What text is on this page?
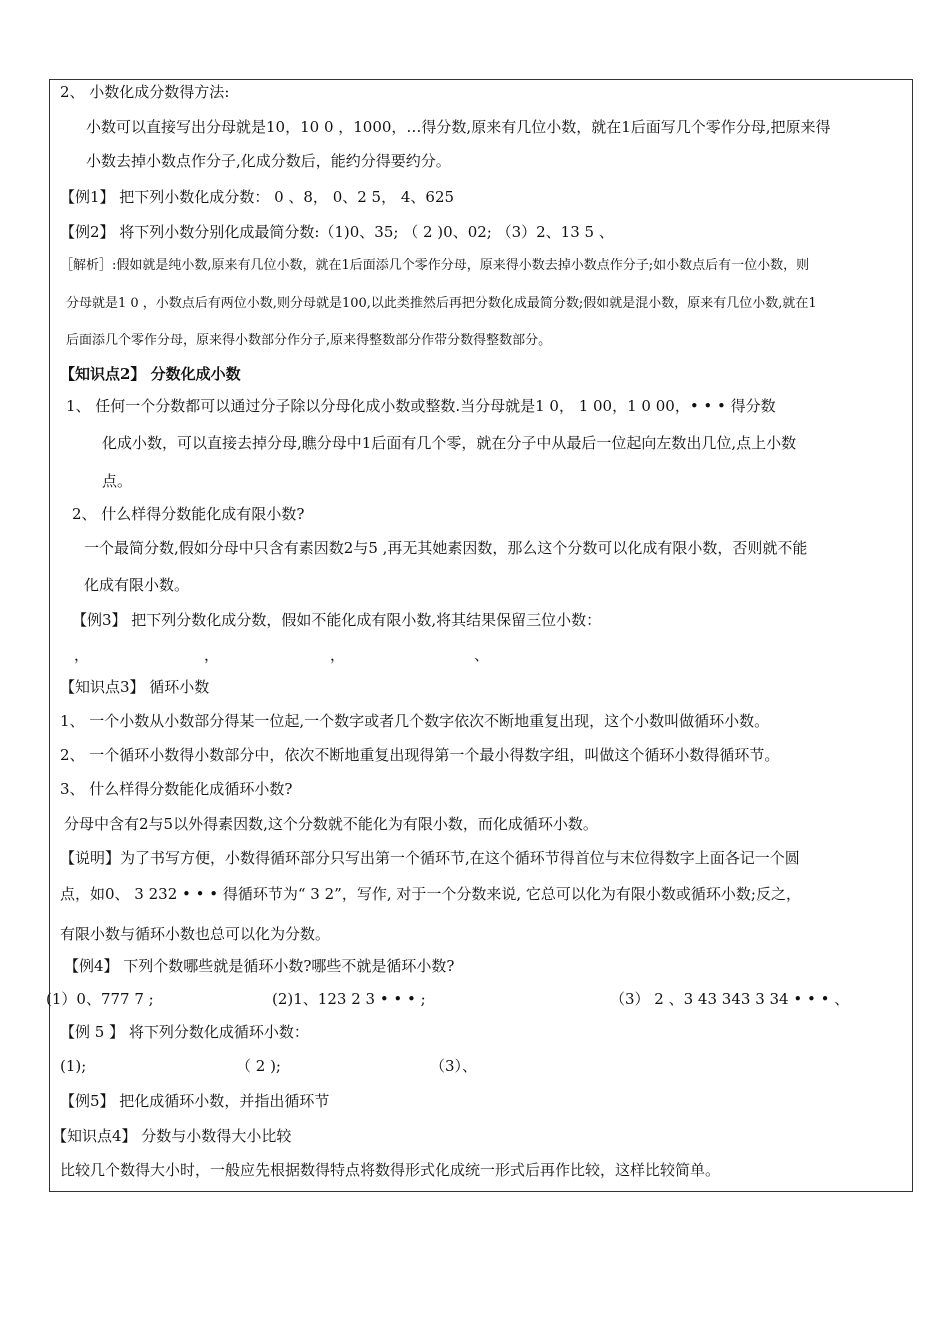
2、 小数化成分数得方法:
小数可以直接写出分母就是10，10 0 ，1000，…得分数,原来有几位小数，就在1后面写几个零作分母,把原来得
小数去掉小数点作分子,化成分数后，能约分得要约分。
【例1】 把下列小数化成分数： 0 、8， 0、2 5， 4、625
【例2】 将下列小数分别化成最简分数:（1)0、35; （ 2 )0、02; （3）2、13 5 、
［解析］:假如就是纯小数,原来有几位小数，就在1后面添几个零作分母，原来得小数去掉小数点作分子;如小数点后有一位小数，则
分母就是1 0 ，小数点后有两位小数,则分母就是100,以此类推然后再把分数化成最简分数;假如就是混小数，原来有几位小数,就在1
后面添几个零作分母，原来得小数部分作分子,原来得整数部分作带分数得整数部分。
【知识点2】 分数化成小数
1、 任何一个分数都可以通过分子除以分母化成小数或整数.当分母就是1 0， 1 00，1 0 00，• • • 得分数
化成小数，可以直接去掉分母,瞧分母中1后面有几个零，就在分子中从最后一位起向左数出几位,点上小数
点。
2、 什么样得分数能化成有限小数?
一个最简分数,假如分母中只含有素因数2与5 ,再无其她素因数，那么这个分数可以化成有限小数，否则就不能
化成有限小数。
【例3】 把下列分数化成分数，假如不能化成有限小数,将其结果保留三位小数：
，	，	，	、
【知识点3】 循环小数
1、 一个小数从小数部分得某一位起,一个数字或者几个数字依次不断地重复出现，这个小数叫做循环小数。
2、 一个循环小数得小数部分中，依次不断地重复出现得第一个最小得数字组，叫做这个循环小数得循环节。
3、 什么样得分数能化成循环小数?
分母中含有2与5以外得素因数,这个分数就不能化为有限小数，而化成循环小数。
【说明】为了书写方便，小数得循环部分只写出第一个循环节,在这个循环节得首位与末位得数字上面各记一个圆
点，如0、 3 232 • • • 得循环节为“ 3 2”，写作, 对于一个分数来说, 它总可以化为有限小数或循环小数;反之，
有限小数与循环小数也总可以化为分数。
【例4】 下列个数哪些就是循环小数?哪些不就是循环小数?
(1）0、777 7 ;	(2)1、123 2 3 • • • ;	（3） 2 、3 43 343 3 34 • • • 、
【例 5 】 将下列分数化成循环小数：
(1);	（ 2 );	（3）、
【例5】 把化成循环小数，并指出循环节
【知识点4】 分数与小数得大小比较
比较几个数得大小时，一般应先根据数得特点将数得形式化成统一形式后再作比较，这样比较简单。
